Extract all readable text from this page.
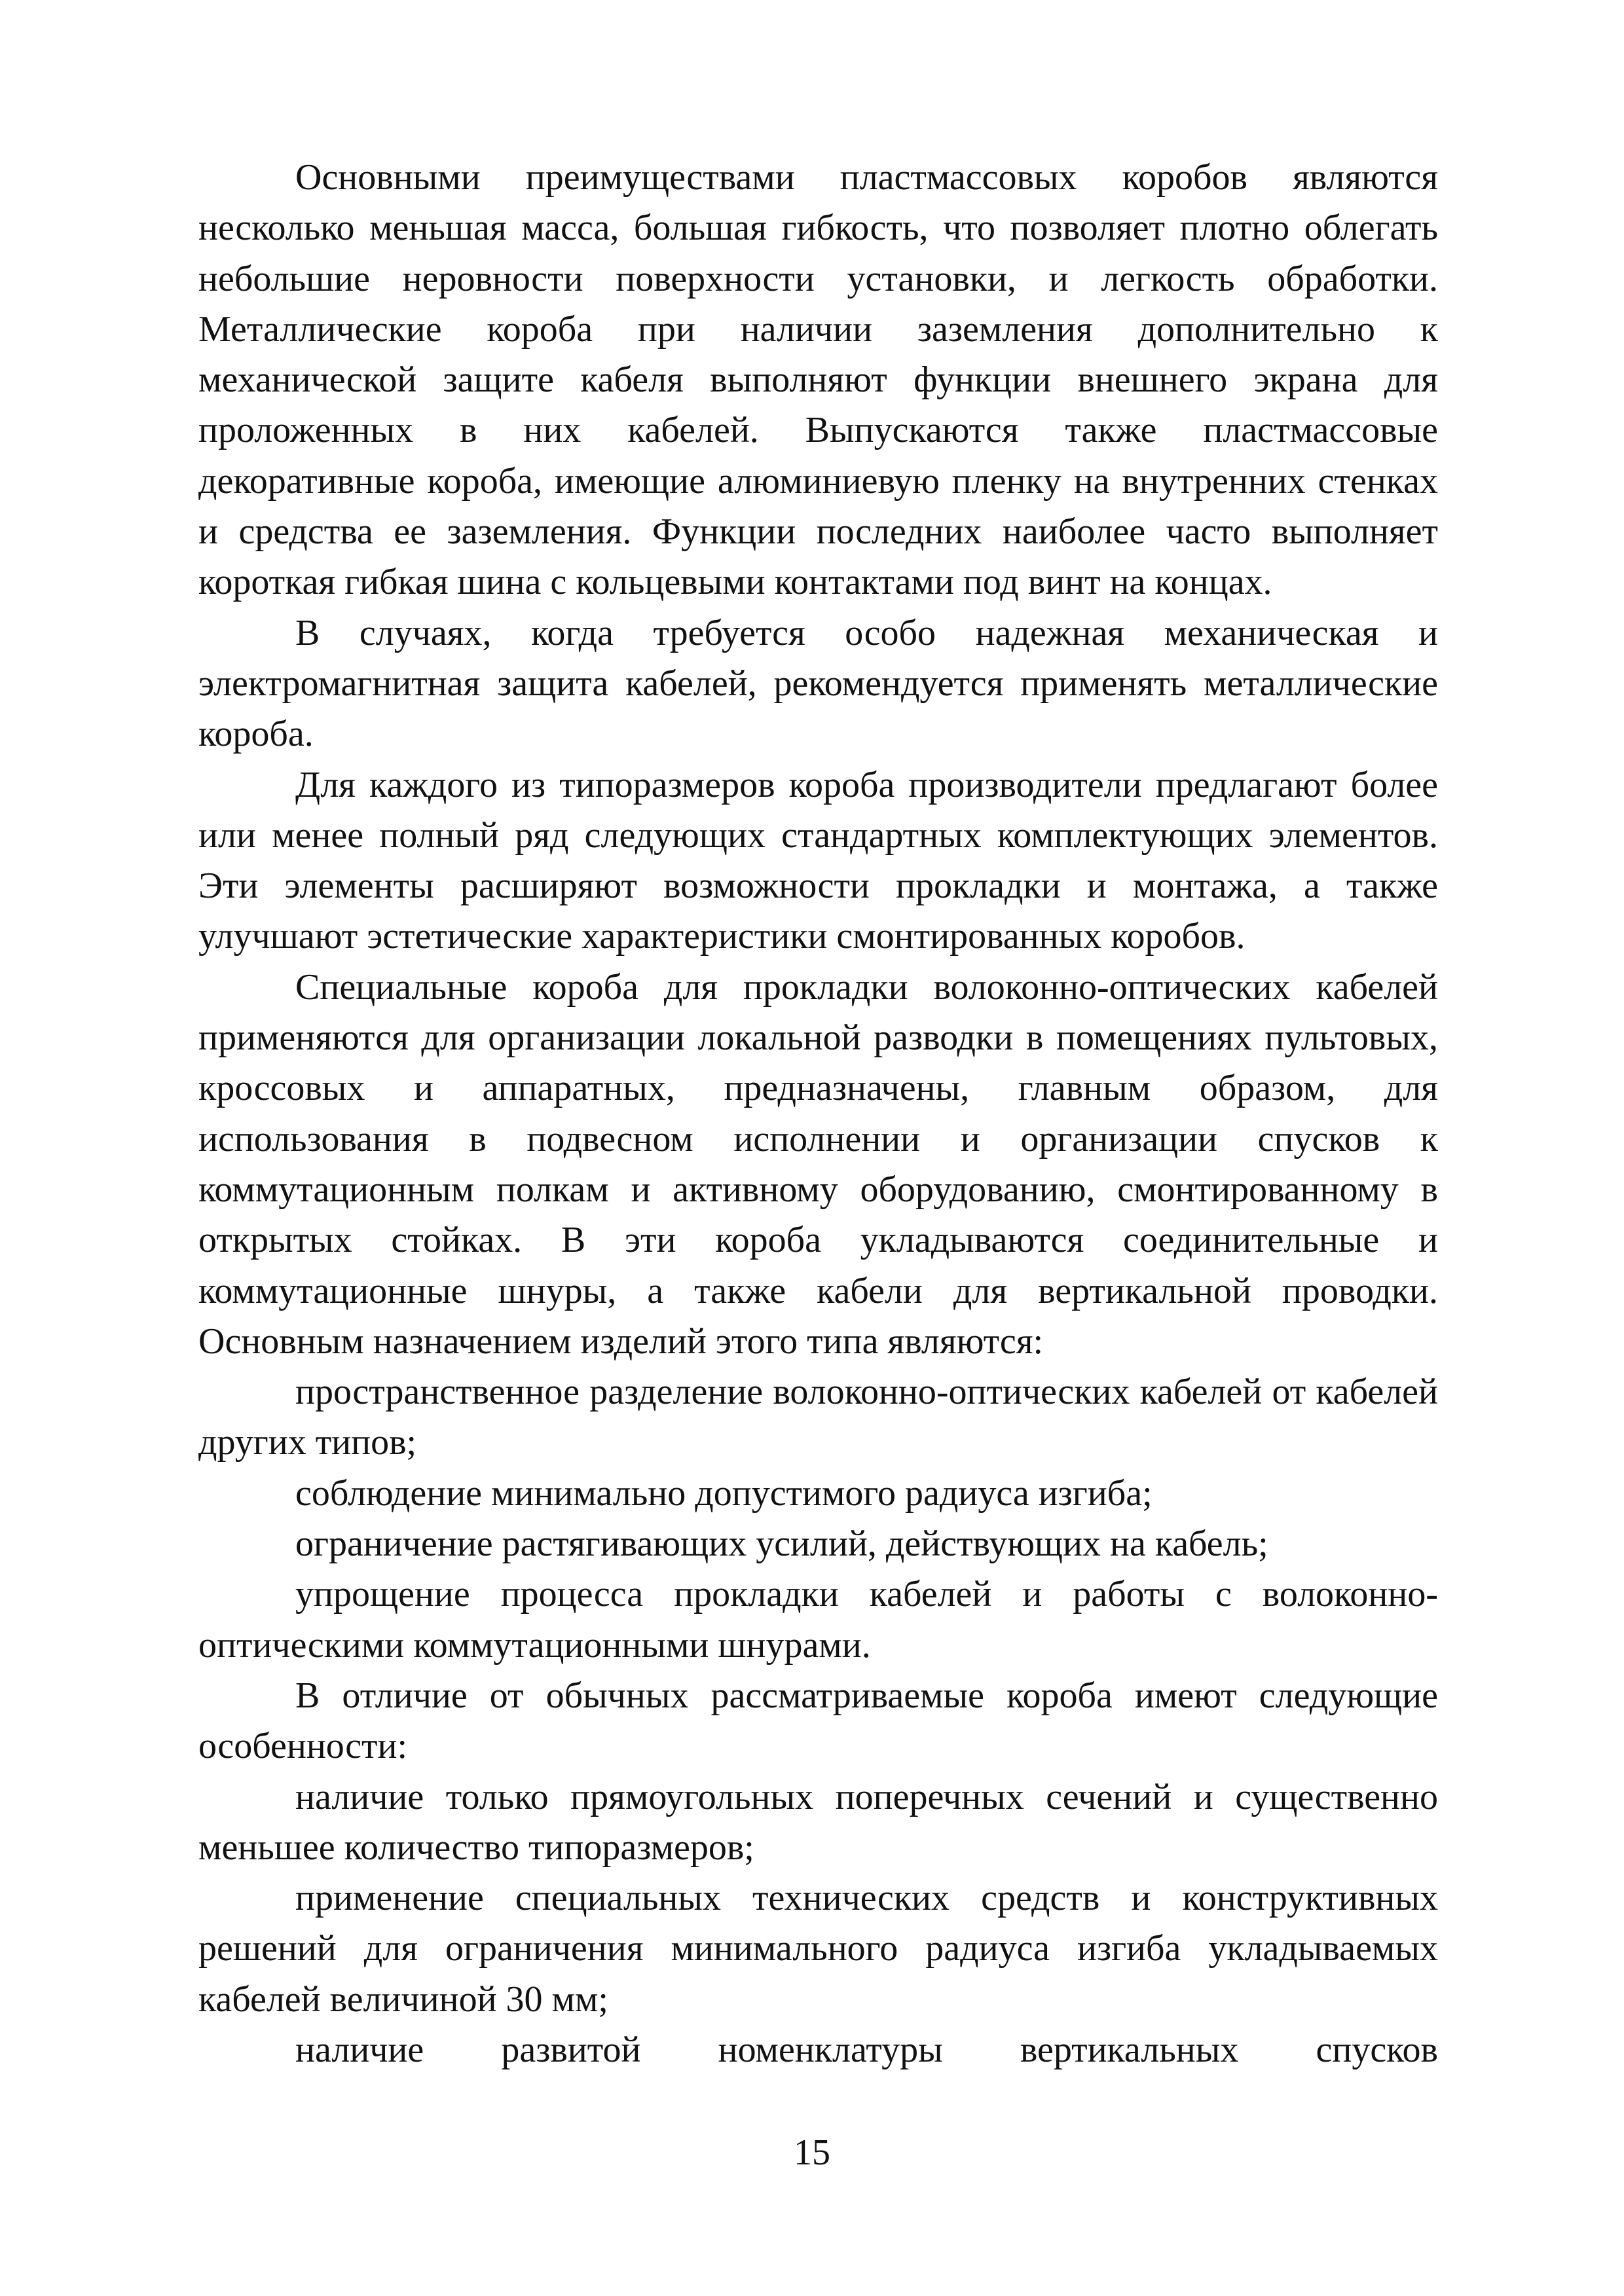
Основными преимуществами пластмассовых коробов являются несколько меньшая масса, большая гибкость, что позволяет плотно облегать небольшие неровности поверхности установки, и легкость обработки. Металлические короба при наличии заземления дополнительно к механической защите кабеля выполняют функции внешнего экрана для проложенных в них кабелей. Выпускаются также пластмассовые декоративные короба, имеющие алюминиевую пленку на внутренних стенках и средства ее заземления. Функции последних наиболее часто выполняет короткая гибкая шина с кольцевыми контактами под винт на концах.

В случаях, когда требуется особо надежная механическая и электромагнитная защита кабелей, рекомендуется применять металлические короба.

Для каждого из типоразмеров короба производители предлагают более или менее полный ряд следующих стандартных комплектующих элементов. Эти элементы расширяют возможности прокладки и монтажа, а также улучшают эстетические характеристики смонтированных коробов.

Специальные короба для прокладки волоконно-оптических кабелей применяются для организации локальной разводки в помещениях пультовых, кроссовых и аппаратных, предназначены, главным образом, для использования в подвесном исполнении и организации спусков к коммутационным полкам и активному оборудованию, смонтированному в открытых стойках. В эти короба укладываются соединительные и коммутационные шнуры, а также кабели для вертикальной проводки. Основным назначением изделий этого типа являются:

пространственное разделение волоконно-оптических кабелей от кабелей других типов;

соблюдение минимально допустимого радиуса изгиба;

ограничение растягивающих усилий, действующих на кабель;

упрощение процесса прокладки кабелей и работы с волоконно-оптическими коммутационными шнурами.

В отличие от обычных рассматриваемые короба имеют следующие особенности:

наличие только прямоугольных поперечных сечений и существенно меньшее количество типоразмеров;

применение специальных технических средств и конструктивных решений для ограничения минимального радиуса изгиба укладываемых кабелей величиной 30 мм;

наличие развитой номенклатуры вертикальных спусков

15
